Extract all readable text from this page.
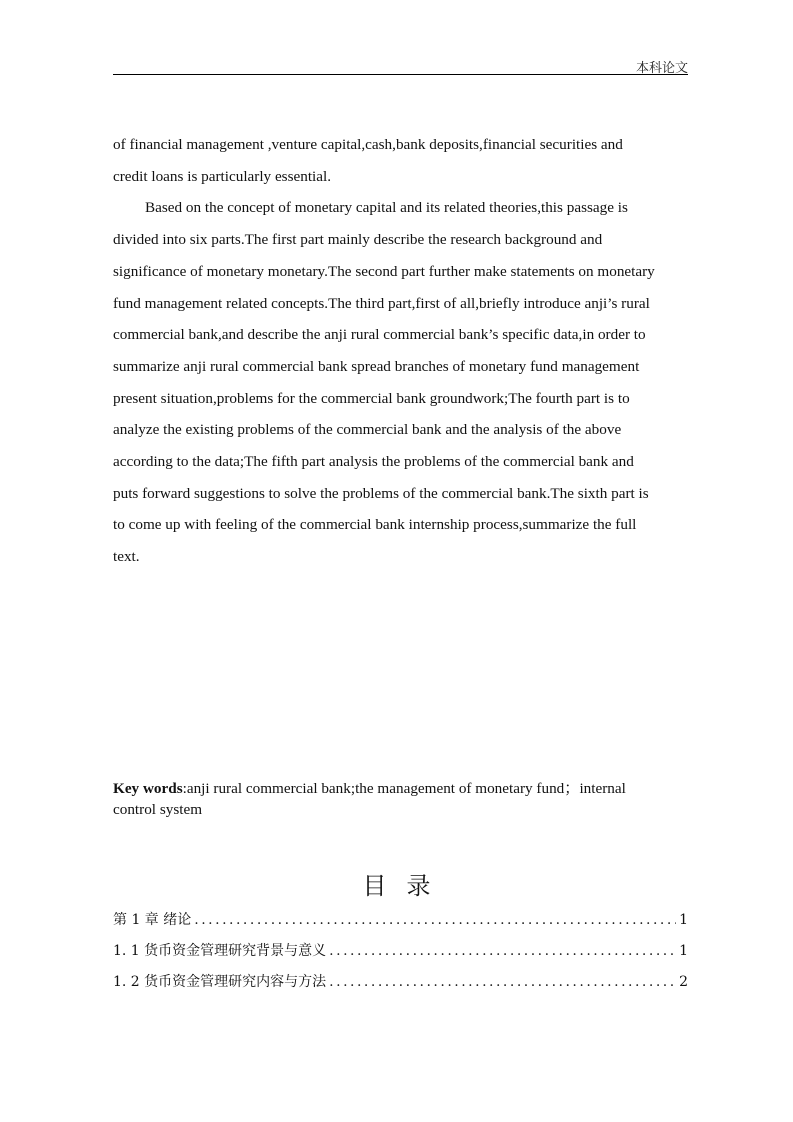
本科论文

of financial management ,venture capital,cash,bank deposits,financial securities and

credit loans is particularly essential.

Based on the concept of monetary capital and its related theories,this passage is

divided into six parts.The first part mainly describe the research background and

significance of monetary monetary.The second part further make statements on monetary

fund management related concepts.The third part,first of all,briefly introduce anji’s rural

commercial bank,and describe the anji rural commercial bank’s specific data,in order to

summarize anji rural commercial bank spread branches of monetary fund management

present situation,problems for the commercial bank groundwork;The fourth part is to

analyze the existing problems of the commercial bank and the analysis of the above

according to the data;The fifth part analysis the problems of the commercial bank and

puts forward suggestions to solve the problems of the commercial bank.The sixth part is

to come up with feeling of the commercial bank internship process,summarize the full

text.

Key words:anji rural commercial bank;the management of monetary fund；internal
control system
目录
第 1 章 绪论 .....	1
1. 1 货币资金管理研究背景与意义 .....	1
1. 2 货币资金管理研究内容与方法 .....	2
